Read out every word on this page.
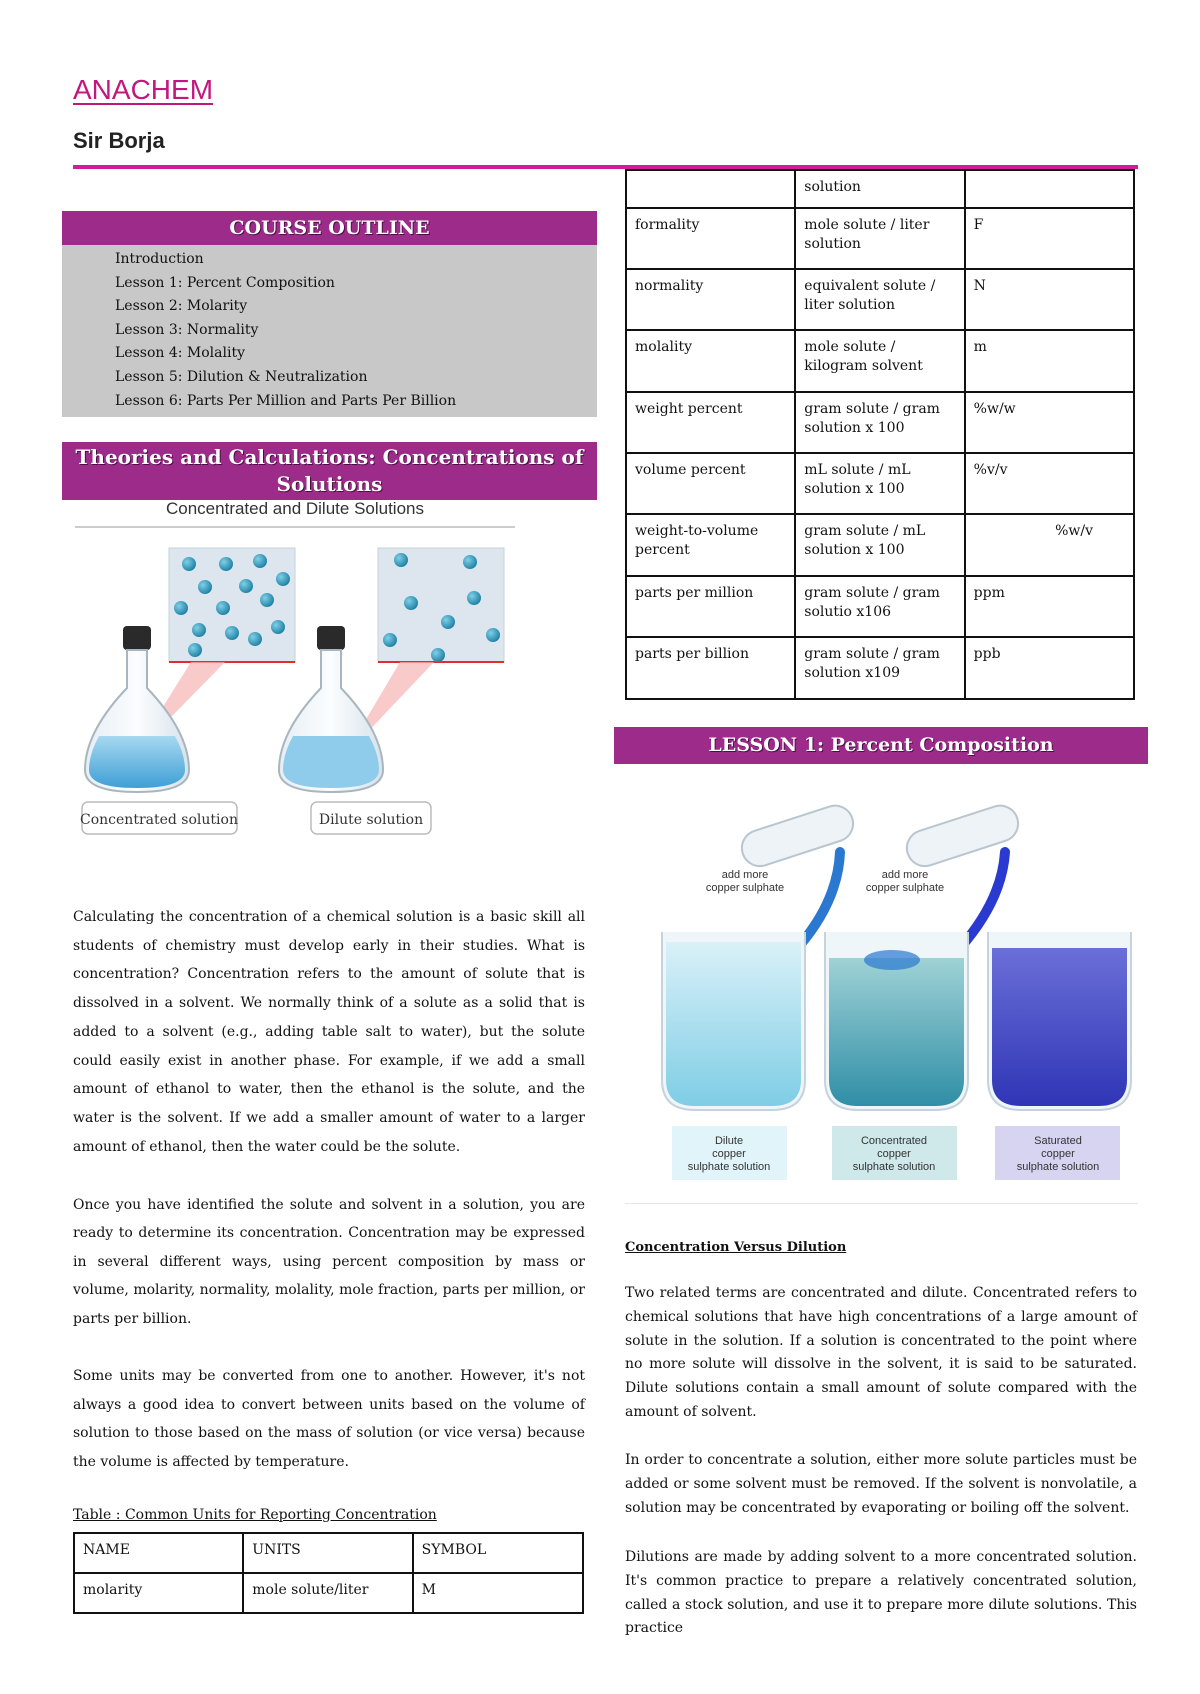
ANACHEM
Sir Borja
COURSE OUTLINE
Introduction
Lesson 1: Percent Composition
Lesson 2: Molarity
Lesson 3: Normality
Lesson 4: Molality
Lesson 5: Dilution & Neutralization
Lesson 6: Parts Per Million and Parts Per Billion
Theories and Calculations: Concentrations of
Solutions
Concentrated and Dilute Solutions
Concentrated solution	Dilute solution
Calculating the concentration of a chemical solution is a basic skill all students of chemistry must develop early in their studies. What is concentration? Concentration refers to the amount of solute that is dissolved in a solvent. We normally think of a solute as a solid that is added to a solvent (e.g., adding table salt to water), but the solute could easily exist in another phase. For example, if we add a small amount of ethanol to water, then the ethanol is the solute, and the water is the solvent. If we add a smaller amount of water to a larger amount of ethanol, then the water could be the solute.
Once you have identified the solute and solvent in a solution, you are ready to determine its concentration. Concentration may be expressed in several different ways, using percent composition by mass or volume, molarity, normality, molality, mole fraction, parts per million, or parts per billion.
Some units may be converted from one to another. However, it's not always a good idea to convert between units based on the volume of solution to those based on the mass of solution (or vice versa) because the volume is affected by temperature.
Table : Common Units for Reporting Concentration
NAME	UNITS	SYMBOL
molarity	mole solute/liter	M
	solution	
formality	mole solute / liter solution	F
normality	equivalent solute / liter solution	N
molality	mole solute / kilogram solvent	m
weight percent	gram solute / gram solution x 100	%w/w
volume percent	mL solute / mL solution x 100	%v/v
weight-to-volume percent	gram solute / mL solution x 100	%w/v
parts per million	gram solute / gram solutio x106	ppm
parts per billion	gram solute / gram solution x109	ppb
LESSON 1: Percent Composition
add more
copper sulphate
add more
copper sulphate
Dilute
copper
sulphate solution
Concentrated
copper
sulphate solution
Saturated
copper
sulphate solution
Concentration Versus Dilution
Two related terms are concentrated and dilute. Concentrated refers to chemical solutions that have high concentrations of a large amount of solute in the solution. If a solution is concentrated to the point where no more solute will dissolve in the solvent, it is said to be saturated. Dilute solutions contain a small amount of solute compared with the amount of solvent.
In order to concentrate a solution, either more solute particles must be added or some solvent must be removed. If the solvent is nonvolatile, a solution may be concentrated by evaporating or boiling off the solvent.
Dilutions are made by adding solvent to a more concentrated solution. It's common practice to prepare a relatively concentrated solution, called a stock solution, and use it to prepare more dilute solutions. This practice
